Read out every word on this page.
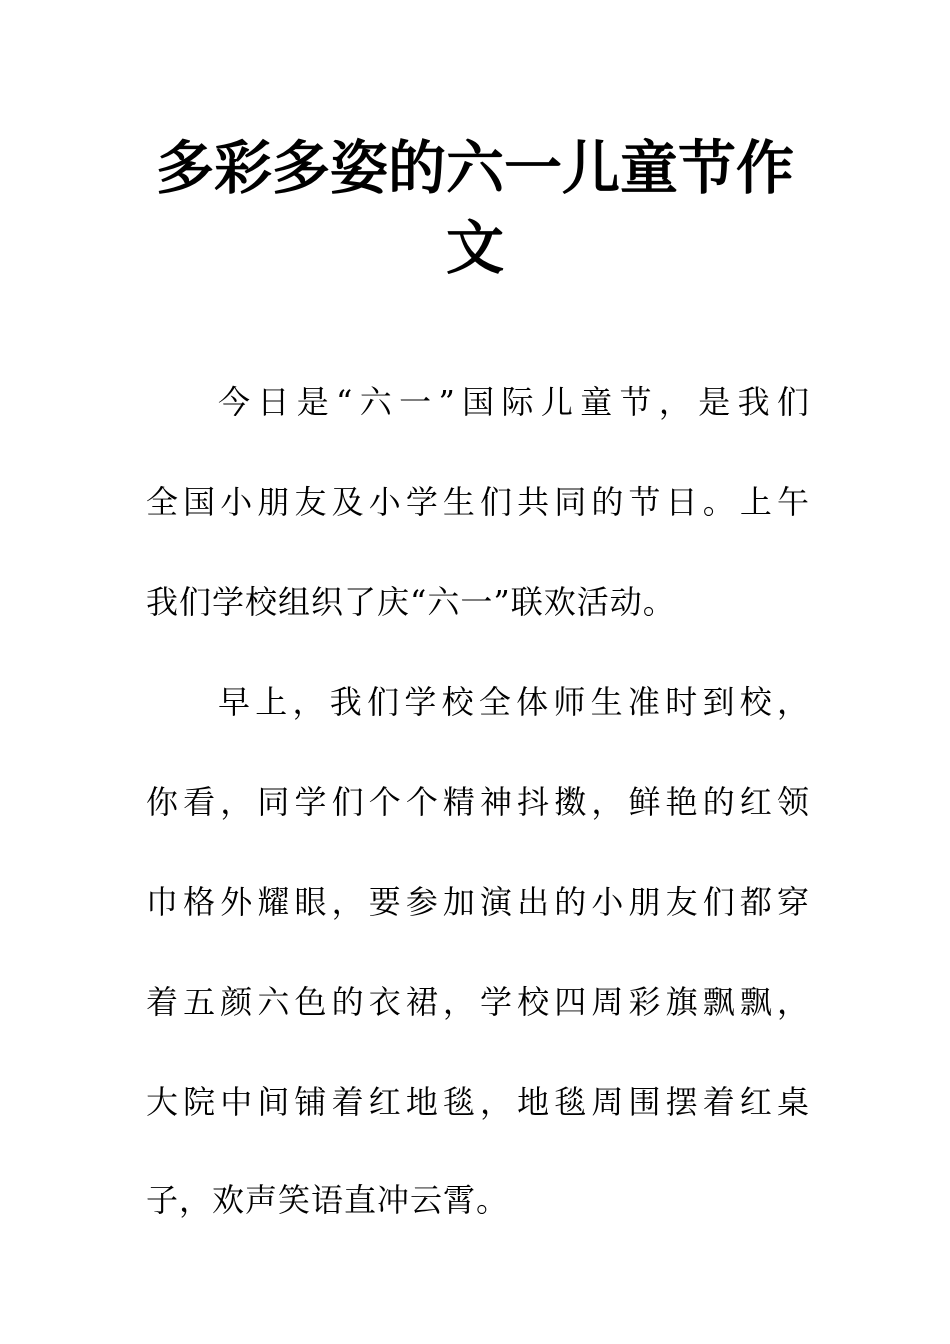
多彩多姿的六一儿童节作
文

今日是“六一”国际儿童节，是我们

全国小朋友及小学生们共同的节日。上午

我们学校组织了庆“六一”联欢活动。

早上，我们学校全体师生准时到校，

你看，同学们个个精神抖擞，鲜艳的红领

巾格外耀眼，要参加演出的小朋友们都穿

着五颜六色的衣裙，学校四周彩旗飘飘，

大院中间铺着红地毯，地毯周围摆着红桌

子，欢声笑语直冲云霄。
